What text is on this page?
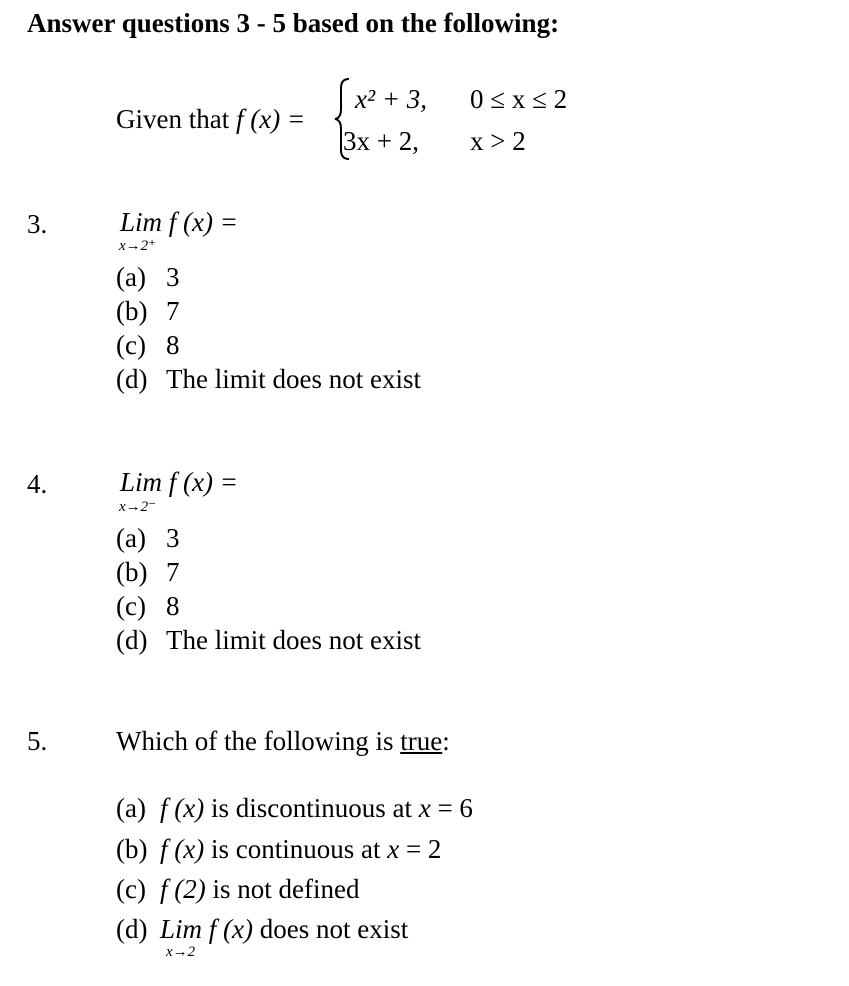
Answer questions 3 - 5 based on the following:
Given that f (x) =
x² + 3, 0 ≤ x ≤ 2
3x + 2, x > 2
3.	Lim f (x) =
x→2⁺
(a) 3
(b) 7
(c) 8
(d) The limit does not exist
4.	Lim f (x) =
x→2⁻
(a) 3
(b) 7
(c) 8
(d) The limit does not exist
5.	Which of the following is true:
(a) f (x) is discontinuous at x = 6
(b) f (x) is continuous at x = 2
(c) f (2) is not defined
(d) Lim f (x) does not exist
x→2
